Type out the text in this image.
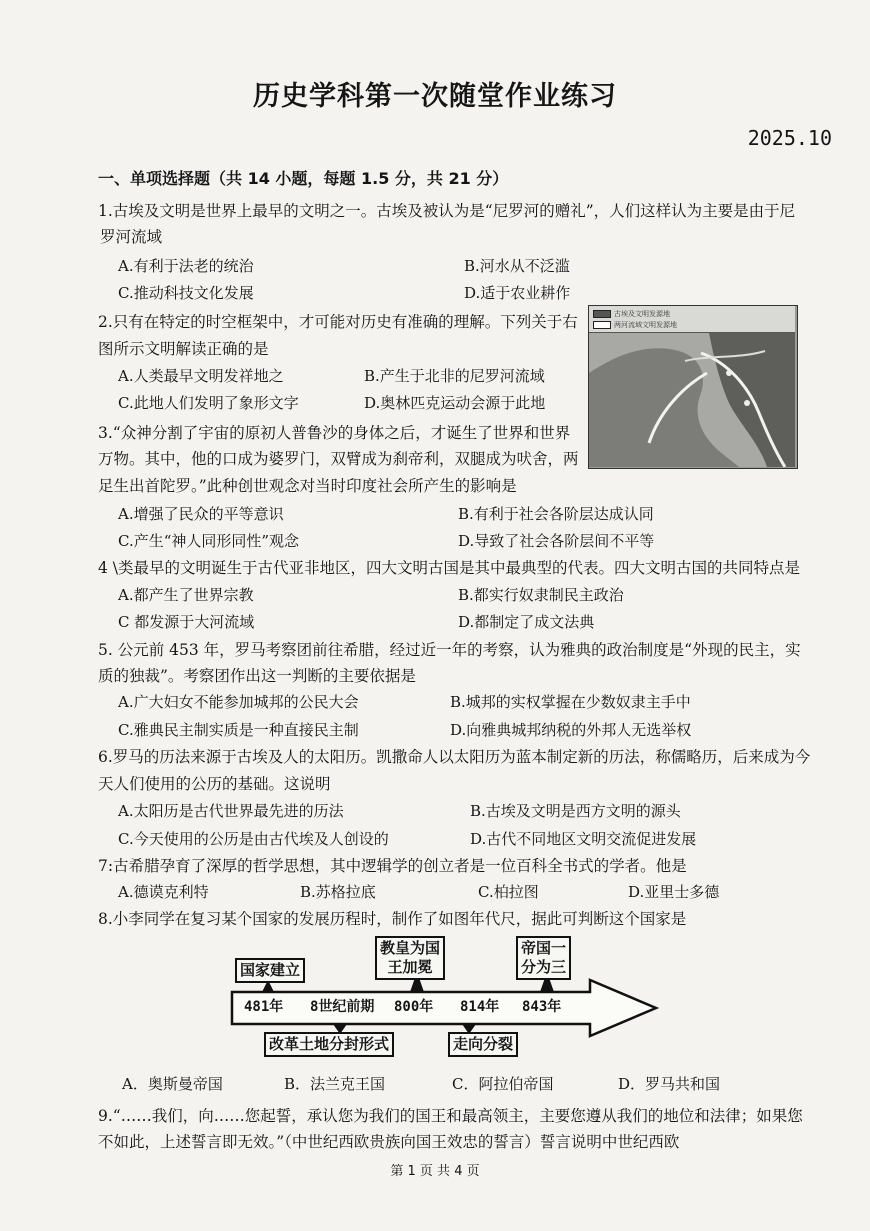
历史学科第一次随堂作业练习
2025.10
一、单项选择题（共 14 小题，每题 1.5 分，共 21 分）
1.古埃及文明是世界上最早的文明之一。古埃及被认为是“尼罗河的赠礼”，人们这样认为主要是由于尼
罗河流域
A.有利于法老的统治	B.河水从不泛滥
C.推动科技文化发展	D.适于农业耕作
2.只有在特定的时空框架中，才可能对历史有准确的理解。下列关于右
图所示文明解读正确的是
A.人类最早文明发祥地之	B.产生于北非的尼罗河流域
C.此地人们发明了象形文字	D.奥林匹克运动会源于此地
古埃及文明发源地
两河流域文明发源地
3.“众神分割了宇宙的原初人普鲁沙的身体之后，才诞生了世界和世界
万物。其中，他的口成为婆罗门，双臂成为刹帝利，双腿成为吠舍，两
足生出首陀罗。”此种创世观念对当时印度社会所产生的影响是
A.增强了民众的平等意识	B.有利于社会各阶层达成认同
C.产生“神人同形同性”观念	D.导致了社会各阶层间不平等
4 \类最早的文明诞生于古代亚非地区，四大文明古国是其中最典型的代表。四大文明古国的共同特点是
A.都产生了世界宗教	B.都实行奴隶制民主政治
C 都发源于大河流域	D.都制定了成文法典
5. 公元前 453 年，罗马考察团前往希腊，经过近一年的考察，认为雅典的政治制度是“外现的民主，实
质的独裁”。考察团作出这一判断的主要依据是
A.广大妇女不能参加城邦的公民大会	B.城邦的实权掌握在少数奴隶主手中
C.雅典民主制实质是一种直接民主制	D.向雅典城邦纳税的外邦人无选举权
6.罗马的历法来源于古埃及人的太阳历。凯撒命人以太阳历为蓝本制定新的历法，称儒略历，后来成为今
天人们使用的公历的基础。这说明
A.太阳历是古代世界最先进的历法	B.古埃及文明是西方文明的源头
C.今天使用的公历是由古代埃及人创设的	D.古代不同地区文明交流促进发展
7:古希腊孕育了深厚的哲学思想，其中逻辑学的创立者是一位百科全书式的学者。他是
A.德谟克利特	B.苏格拉底	C.柏拉图	D.亚里士多德
8.小李同学在复习某个国家的发展历程时，制作了如图年代尺，据此可判断这个国家是
国家建立
教皇为国
王加冕
帝国一
分为三
481年 8世纪前期 800年 814年 843年
改革土地分封形式	走向分裂
A．奥斯曼帝国	B．法兰克王国	C．阿拉伯帝国	D．罗马共和国
9.“……我们，向……您起誓，承认您为我们的国王和最高领主，主要您遵从我们的地位和法律；如果您
不如此，上述誓言即无效。”（中世纪西欧贵族向国王效忠的誓言）誓言说明中世纪西欧
第 1 页 共 4 页
